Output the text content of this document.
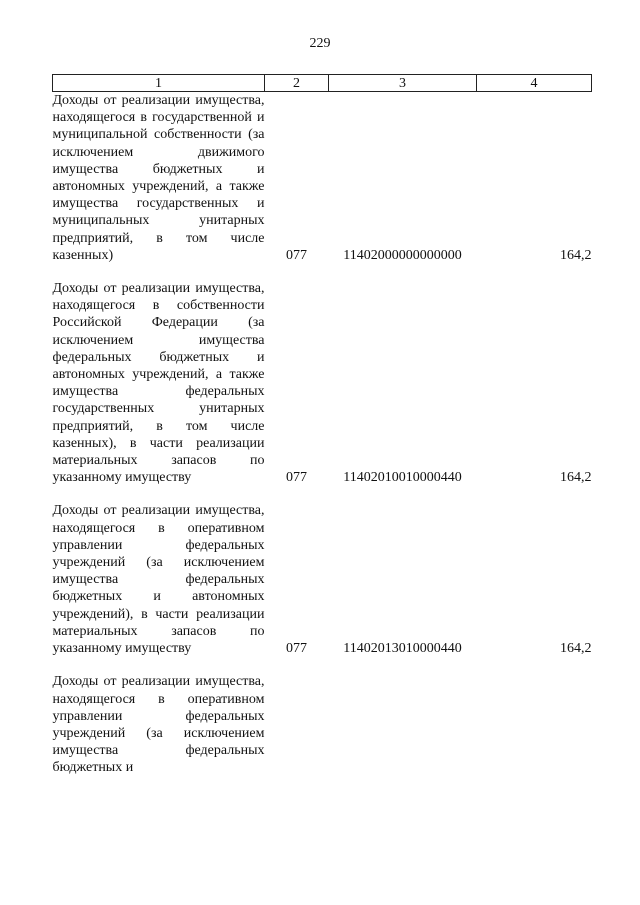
229
1	2	3	4
Доходы от реализации имущества, находящегося в государственной и муниципальной собственности (за исключением движимого имущества бюджетных и автономных учреждений, а также имущества государственных и муниципальных унитарных предприятий, в том числе казенных)	077	11402000000000000	164,2
Доходы от реализации имущества, находящегося в собственности Российской Федерации (за исключением имущества федеральных бюджетных и автономных учреждений, а также имущества федеральных государственных унитарных предприятий, в том числе казенных), в части реализации материальных запасов по указанному имуществу	077	11402010010000440	164,2
Доходы от реализации имущества, находящегося в оперативном управлении федеральных учреждений (за исключением имущества федеральных бюджетных и автономных учреждений), в части реализации материальных запасов по указанному имуществу	077	11402013010000440	164,2
Доходы от реализации имущества, находящегося в оперативном управлении федеральных учреждений (за исключением имущества федеральных бюджетных и			
